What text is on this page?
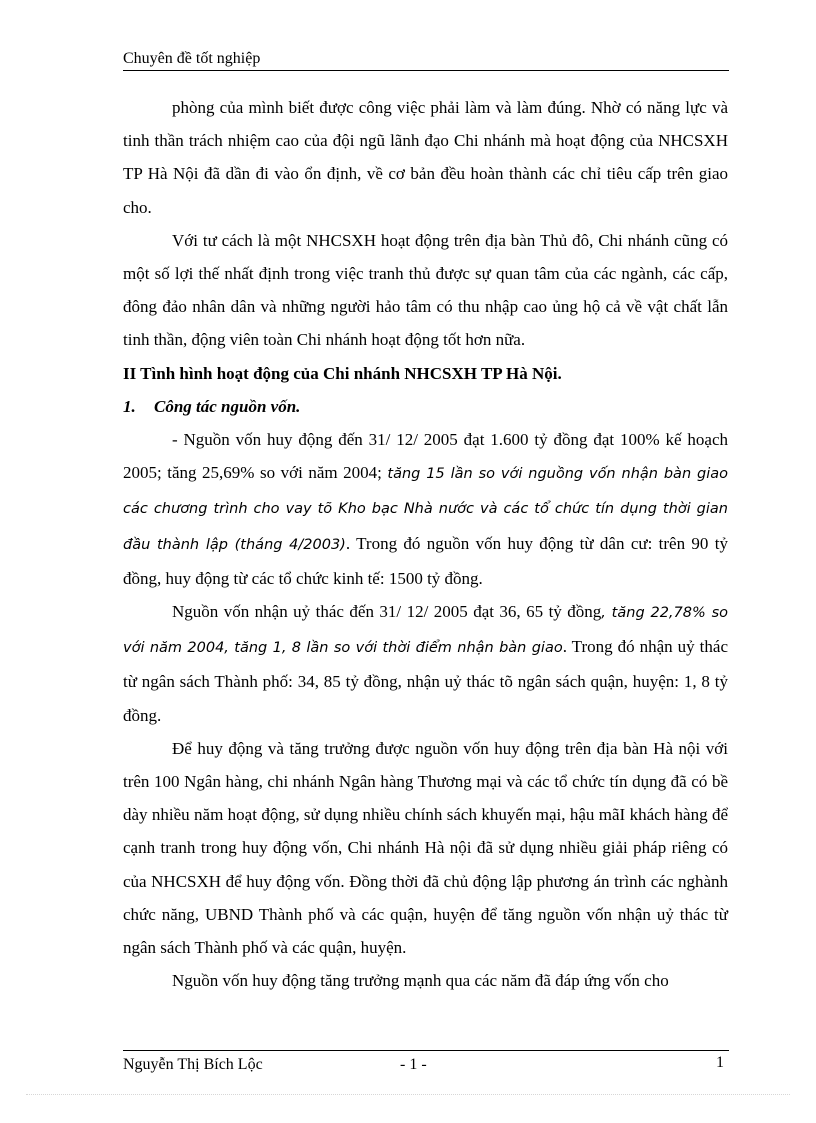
Chuyên đề tốt nghiệp

phòng của mình biết được công việc phải làm và làm đúng. Nhờ có năng lực và tinh thần trách nhiệm cao của đội ngũ lãnh đạo Chi nhánh mà hoạt động của NHCSXH TP Hà Nội đã dần đi vào ổn định, về cơ bản đều hoàn thành các chỉ tiêu cấp trên giao cho.

Với tư cách là một NHCSXH hoạt động trên địa bàn Thủ đô, Chi nhánh cũng có một số lợi thế nhất định trong việc tranh thủ được sự quan tâm của các ngành, các cấp, đông đảo nhân dân và những người hảo tâm có thu nhập cao ủng hộ cả về vật chất lẫn tinh thần, động viên toàn Chi nhánh hoạt động tốt hơn nữa.

II Tình hình hoạt động của Chi nhánh NHCSXH TP Hà Nội.

1. Công tác nguồn vốn.

- Nguồn vốn huy động đến 31/ 12/ 2005 đạt 1.600 tỷ đồng đạt 100% kế hoạch 2005; tăng 25,69% so với năm 2004; tăng 15 lần so với nguồng vốn nhận bàn giao các chương trình cho vay tõ Kho bạc Nhà nước và các tổ chức tín dụng thời gian đầu thành lập (tháng 4/2003). Trong đó nguồn vốn huy động từ dân cư: trên 90 tỷ đồng, huy động từ các tổ chức kinh tế: 1500 tỷ đồng.

Nguồn vốn nhận uỷ thác đến 31/ 12/ 2005 đạt 36, 65 tỷ đồng, tăng 22,78% so với năm 2004, tăng 1, 8 lần so với thời điểm nhận bàn giao. Trong đó nhận uỷ thác từ ngân sách Thành phố: 34, 85 tỷ đồng, nhận uỷ thác tõ ngân sách quận, huyện: 1, 8 tỷ đồng.

Để huy động và tăng trưởng được nguồn vốn huy động trên địa bàn Hà nội với trên 100 Ngân hàng, chi nhánh Ngân hàng Thương mại và các tổ chức tín dụng đã có bề dày nhiều năm hoạt động, sử dụng nhiều chính sách khuyến mại, hậu mãI khách hàng để cạnh tranh trong huy động vốn, Chi nhánh Hà nội đã sử dụng nhiều giải pháp riêng có của NHCSXH để huy động vốn. Đồng thời đã chủ động lập phương án trình các nghành chức năng, UBND Thành phố và các quận, huyện để tăng nguồn vốn nhận uỷ thác từ ngân sách Thành phố và các quận, huyện.

Nguồn vốn huy động tăng trưởng mạnh qua các năm đã đáp ứng vốn cho

Nguyễn Thị Bích Lộc	- 1 -	1
